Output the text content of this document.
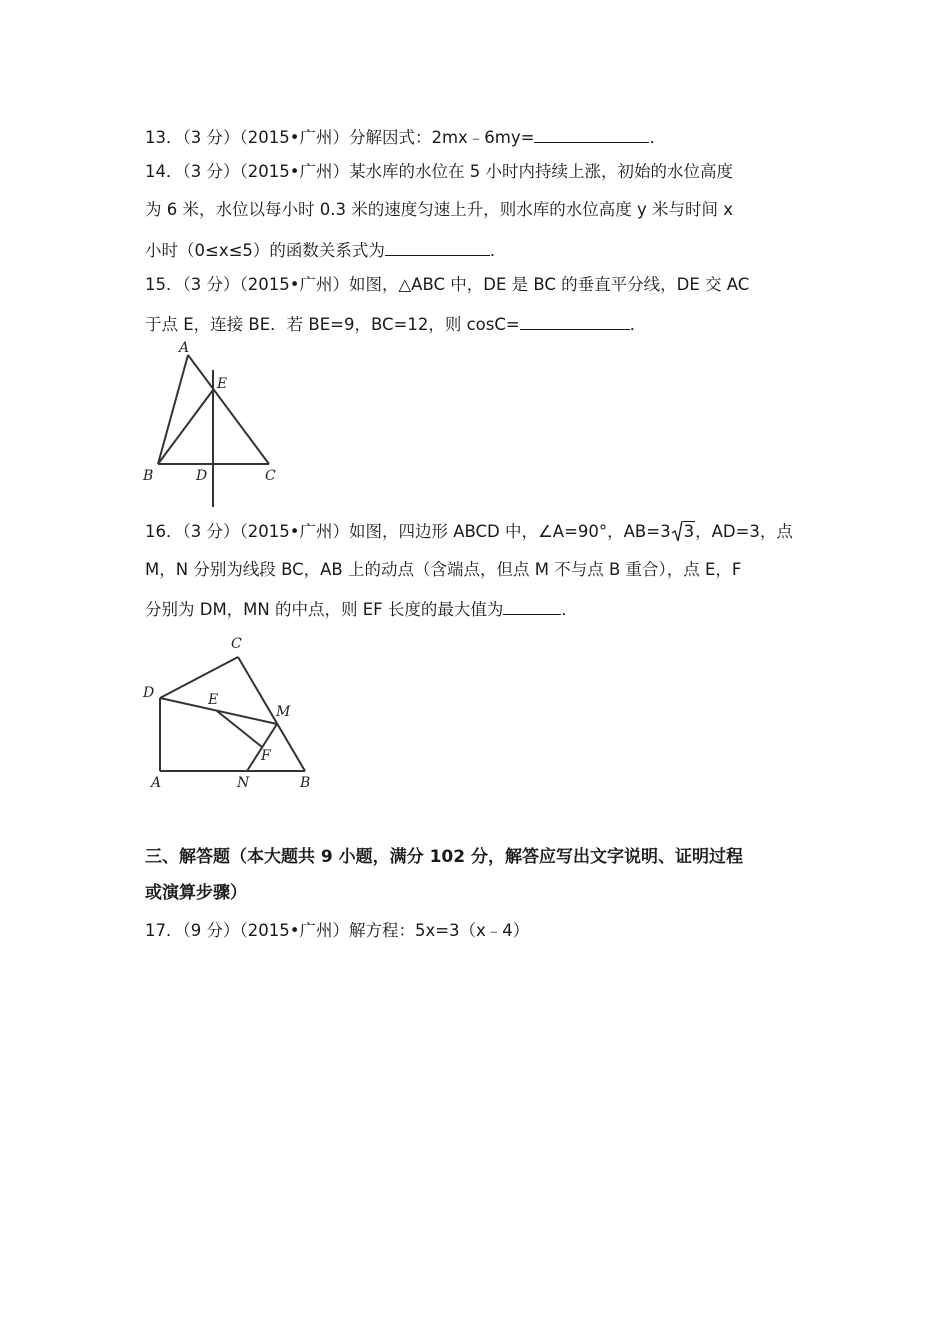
13．（3 分）（2015•广州）分解因式：2mx﹣6my=	．
14．（3 分）（2015•广州）某水库的水位在 5 小时内持续上涨，初始的水位高度
为 6 米，水位以每小时 0.3 米的速度匀速上升，则水库的水位高度 y 米与时间 x
小时（0≤x≤5）的函数关系式为	．
15．（3 分）（2015•广州）如图，△ABC 中，DE 是 BC 的垂直平分线，DE 交 AC
于点 E，连接 BE．若 BE=9，BC=12，则 cosC=	．
A
E
B	D	C
16．（3 分）（2015•广州）如图，四边形 ABCD 中，∠A=90°，AB=3 3，AD=3，点
M，N 分别为线段 BC，AB 上的动点（含端点，但点 M 不与点 B 重合），点 E，F
分别为 DM，MN 的中点，则 EF 长度的最大值为	．
C
D	E
M
F
A	N	B
三、解答题（本大题共 9 小题，满分 102 分，解答应写出文字说明、证明过程
或演算步骤）
17．（9 分）（2015•广州）解方程：5x=3（x﹣4）
